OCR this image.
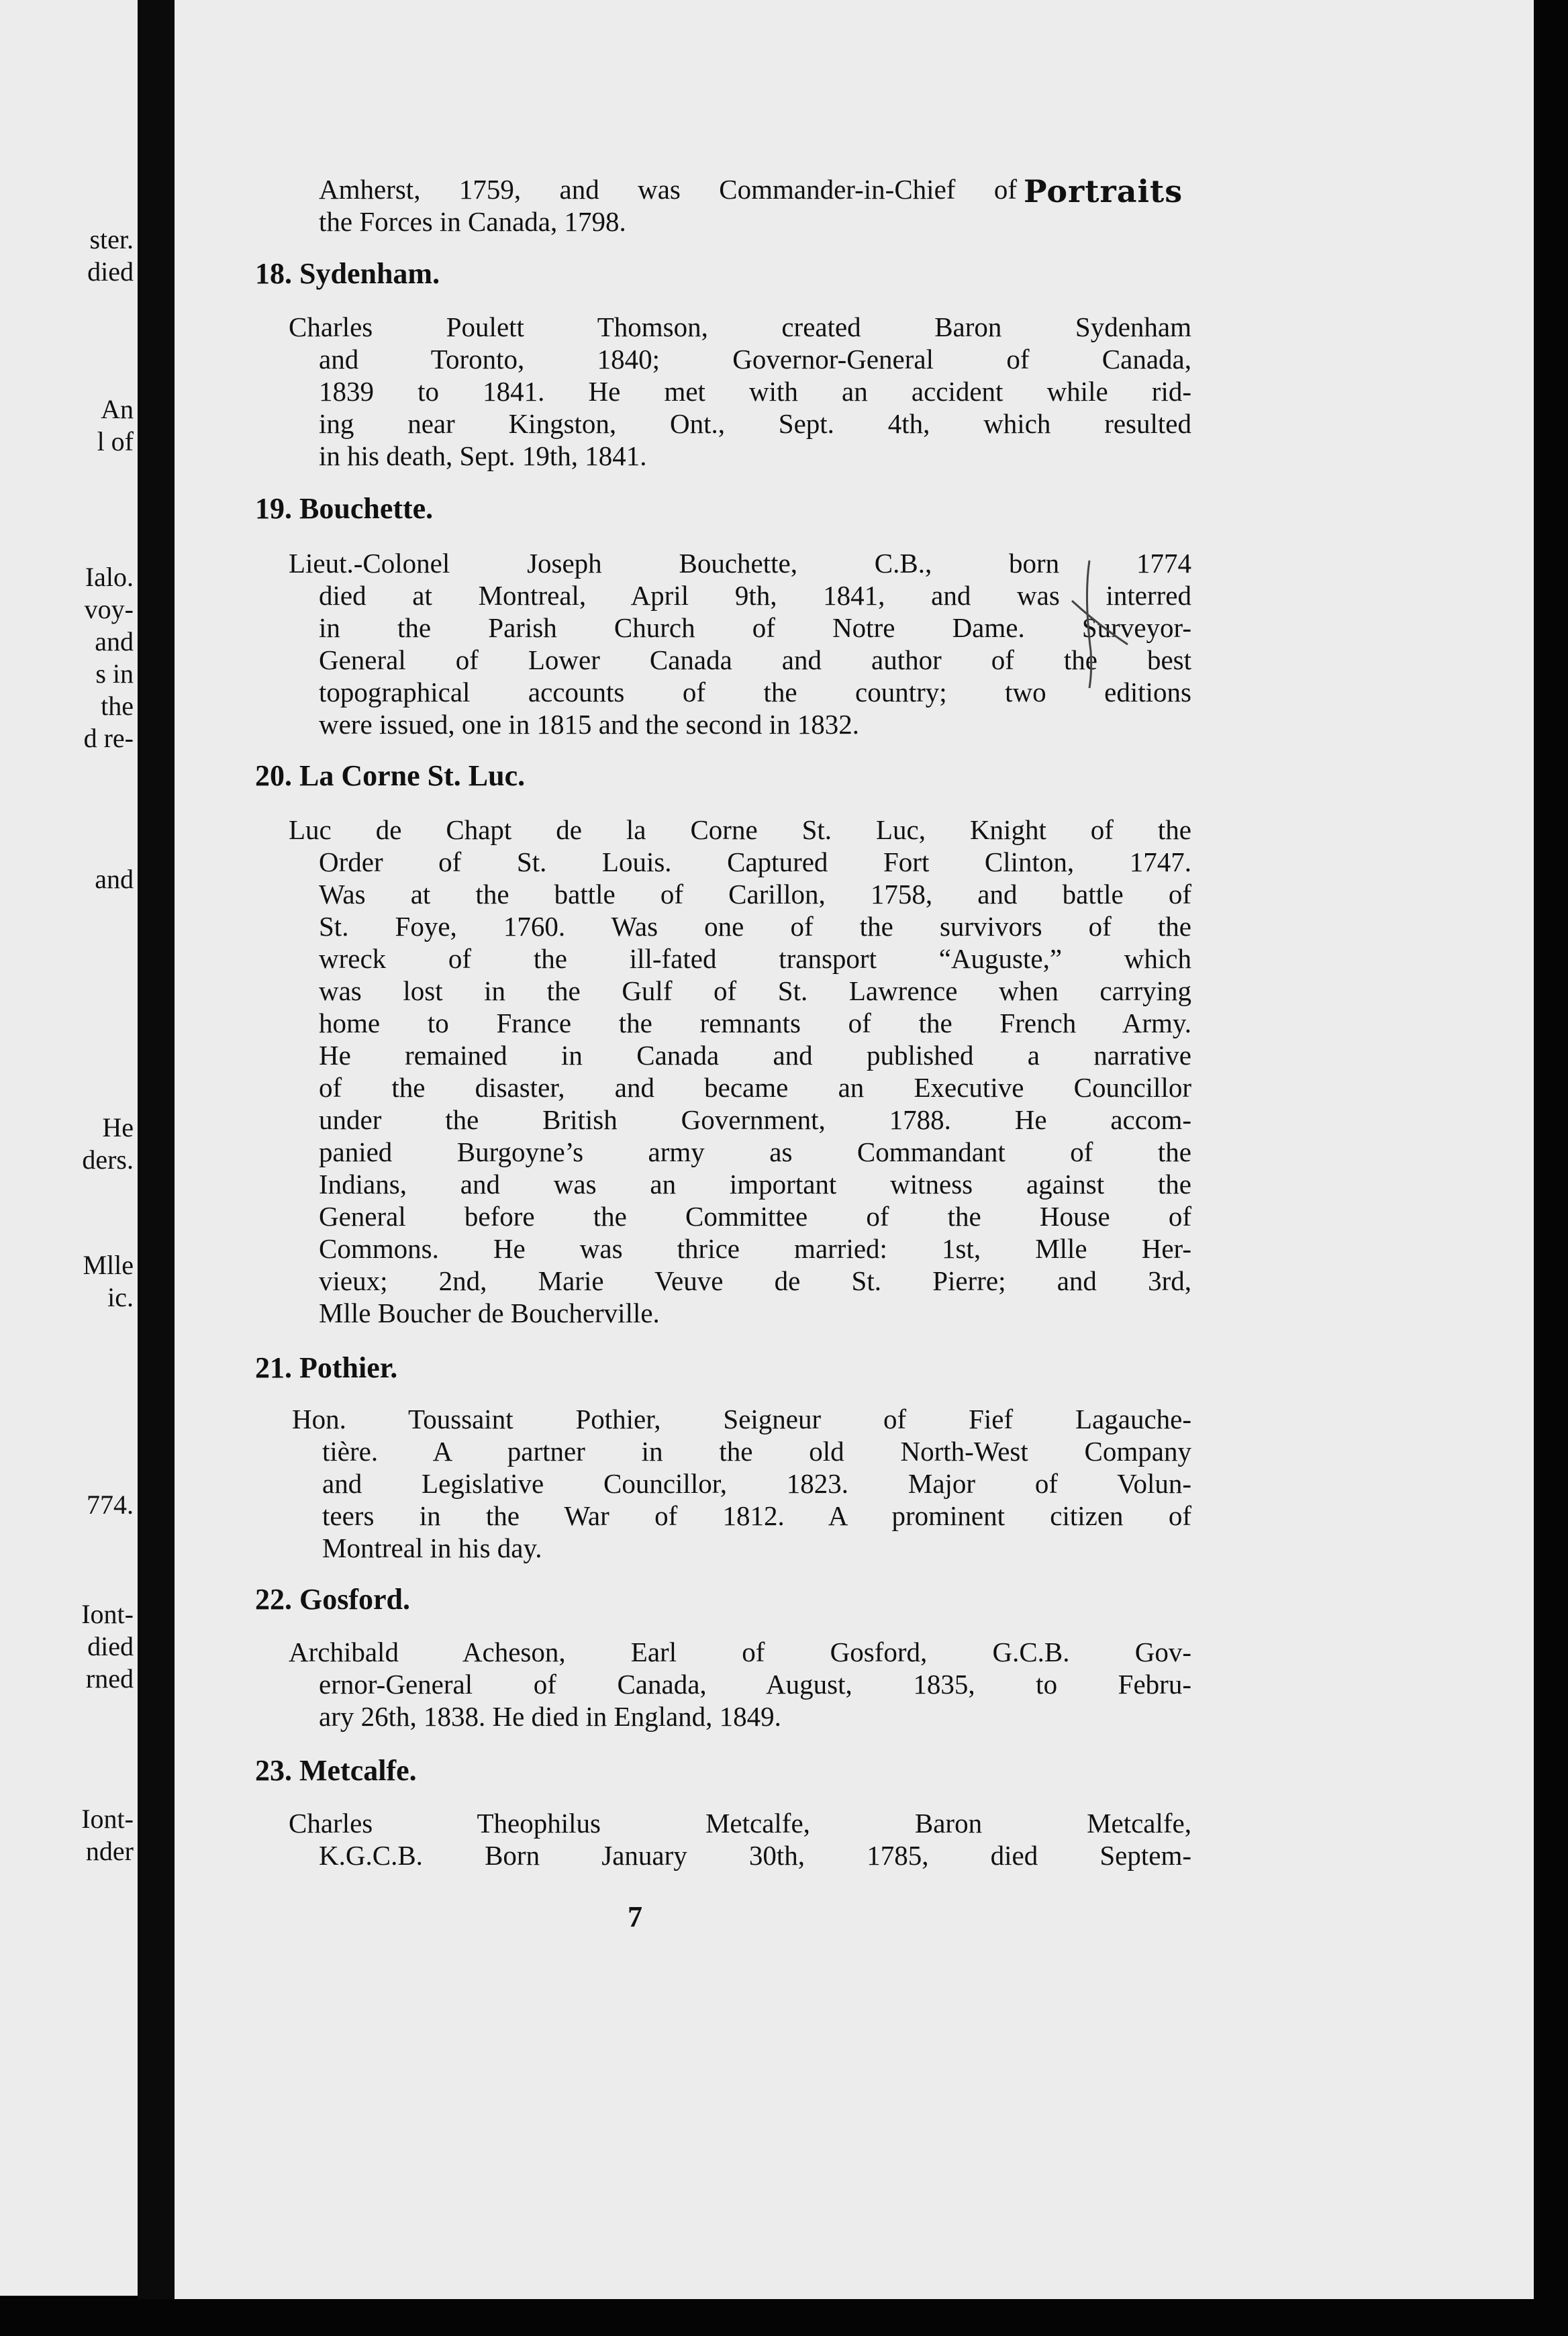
ster.
died
An
l of
Ialo.
voy-
and
s in
the
d re-
and
He
ders.
Mlle
ic.
774.
Iont-
died
rned
Iont-
nder
Portraits

Amherst, 1759, and was Commander-in-Chief of
the Forces in Canada, 1798.

18. Sydenham.

Charles Poulett Thomson, created Baron Sydenham
and Toronto, 1840; Governor-General of Canada,
1839 to 1841. He met with an accident while rid-
ing near Kingston, Ont., Sept. 4th, which resulted
in his death, Sept. 19th, 1841.

19. Bouchette.

Lieut.-Colonel Joseph Bouchette, C.B., born 1774
died at Montreal, April 9th, 1841, and was interred
in the Parish Church of Notre Dame. Surveyor-
General of Lower Canada and author of the best
topographical accounts of the country; two editions
were issued, one in 1815 and the second in 1832.

20. La Corne St. Luc.

Luc de Chapt de la Corne St. Luc, Knight of the
Order of St. Louis. Captured Fort Clinton, 1747.
Was at the battle of Carillon, 1758, and battle of
St. Foye, 1760. Was one of the survivors of the
wreck of the ill-fated transport “Auguste,” which
was lost in the Gulf of St. Lawrence when carrying
home to France the remnants of the French Army.
He remained in Canada and published a narrative
of the disaster, and became an Executive Councillor
under the British Government, 1788. He accom-
panied Burgoyne’s army as Commandant of the
Indians, and was an important witness against the
General before the Committee of the House of
Commons. He was thrice married: 1st, Mlle Her-
vieux; 2nd, Marie Veuve de St. Pierre; and 3rd,
Mlle Boucher de Boucherville.

21. Pothier.

Hon. Toussaint Pothier, Seigneur of Fief Lagauche-
tière. A partner in the old North-West Company
and Legislative Councillor, 1823. Major of Volun-
teers in the War of 1812. A prominent citizen of
Montreal in his day.

22. Gosford.

Archibald Acheson, Earl of Gosford, G.C.B. Gov-
ernor-General of Canada, August, 1835, to Febru-
ary 26th, 1838. He died in England, 1849.

23. Metcalfe.

Charles Theophilus Metcalfe, Baron Metcalfe,
K.G.C.B. Born January 30th, 1785, died Septem-

7
